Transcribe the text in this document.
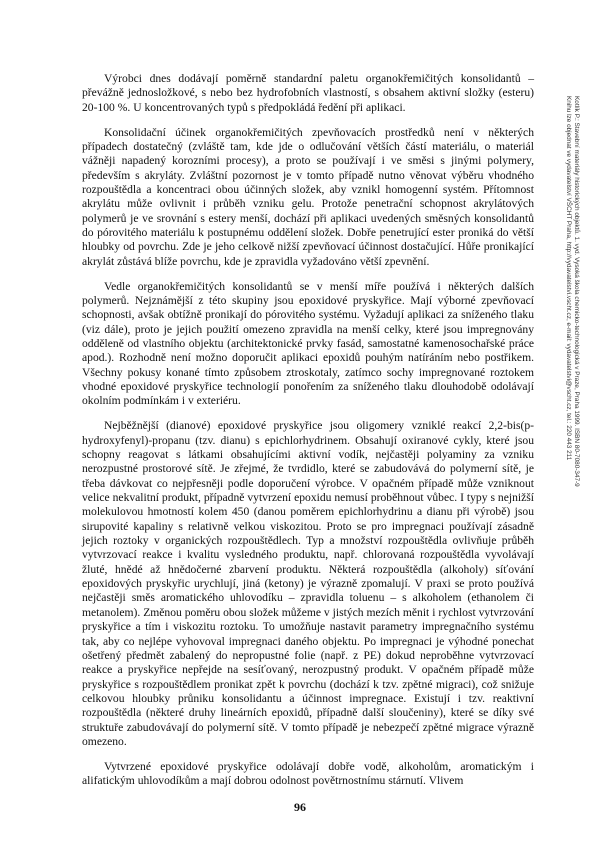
Výrobci dnes dodávají poměrně standardní paletu organokřemičitých konsolidantů – převážně jednosložkové, s nebo bez hydrofobních vlastností, s obsahem aktivní složky (esteru) 20-100 %. U koncentrovaných typů s předpokládá ředění při aplikaci.

Konsolidační účinek organokřemičitých zpevňovacích prostředků není v některých případech dostatečný (zvláště tam, kde jde o odlučování větších částí materiálu, o materiál vážněji napadený korozními procesy), a proto se používají i ve směsi s jinými polymery, především s akryláty. Zvláštní pozornost je v tomto případě nutno věnovat výběru vhodného rozpouštědla a koncentraci obou účinných složek, aby vznikl homogenní systém. Přítomnost akrylátu může ovlivnit i průběh vzniku gelu. Protože penetrační schopnost akrylátových polymerů je ve srovnání s estery menší, dochází při aplikaci uvedených směsných konsolidantů do pórovitého materiálu k postupnému oddělení složek. Dobře penetrující ester proniká do větší hloubky od povrchu. Zde je jeho celkově nižší zpevňovací účinnost dostačující. Hůře pronikající akrylát zůstává blíže povrchu, kde je zpravidla vyžadováno větší zpevnění.

Vedle organokřemičitých konsolidantů se v menší míře používá i některých dalších polymerů. Nejznámější z této skupiny jsou epoxidové pryskyřice. Mají výborné zpevňovací schopnosti, avšak obtížně pronikají do pórovitého systému. Vyžadují aplikaci za sníženého tlaku (viz dále), proto je jejich použití omezeno zpravidla na menší celky, které jsou impregnovány odděleně od vlastního objektu (architektonické prvky fasád, samostatné kamenosochařské práce apod.). Rozhodně není možno doporučit aplikaci epoxidů pouhým natíráním nebo postřikem. Všechny pokusy konané tímto způsobem ztroskotaly, zatímco sochy impregnované roztokem vhodné epoxidové pryskyřice technologií ponořením za sníženého tlaku dlouhodobě odolávají okolním podmínkám i v exteriéru.

Nejběžnější (dianové) epoxidové pryskyřice jsou oligomery vzniklé reakcí 2,2-bis(p-hydroxyfenyl)-propanu (tzv. dianu) s epichlorhydrinem. Obsahují oxiranové cykly, které jsou schopny reagovat s látkami obsahujícími aktivní vodík, nejčastěji polyaminy za vzniku nerozpustné prostorové sítě. Je zřejmé, že tvrdidlo, které se zabudovává do polymerní sítě, je třeba dávkovat co nejpřesněji podle doporučení výrobce. V opačném případě může vzniknout velice nekvalitní produkt, případně vytvrzení epoxidu nemusí proběhnout vůbec. I typy s nejnižší molekulovou hmotností kolem 450 (danou poměrem epichlorhydrinu a dianu při výrobě) jsou sirupovité kapaliny s relativně velkou viskozitou. Proto se pro impregnaci používají zásadně jejich roztoky v organických rozpouštědlech. Typ a množství rozpouštědla ovlivňuje průběh vytvrzovací reakce i kvalitu vysledného produktu, např. chlorovaná rozpouštědla vyvolávají žluté, hnědé až hnědočerné zbarvení produktu. Některá rozpouštědla (alkoholy) síťování epoxidových pryskyřic urychlují, jiná (ketony) je výrazně zpomalují. V praxi se proto používá nejčastěji směs aromatického uhlovodíku – zpravidla toluenu – s alkoholem (ethanolem či metanolem). Změnou poměru obou složek můžeme v jistých mezích měnit i rychlost vytvrzování pryskyřice a tím i viskozitu roztoku. To umožňuje nastavit parametry impregnačního systému tak, aby co nejlépe vyhovoval impregnaci daného objektu. Po impregnaci je výhodné ponechat ošetřený předmět zabalený do nepropustné folie (např. z PE) dokud neproběhne vytvrzovací reakce a pryskyřice nepřejde na sesíťovaný, nerozpustný produkt. V opačném případě může pryskyřice s rozpouštědlem pronikat zpět k povrchu (dochází k tzv. zpětné migraci), což snižuje celkovou hloubky průniku konsolidantu a účinnost impregnace. Existují i tzv. reaktivní rozpouštědla (některé druhy lineárních epoxidů, případně další sloučeniny), které se díky své struktuře zabudovávají do polymerní sítě. V tomto případě je nebezpečí zpětné migrace výrazně omezeno.

Vytvrzené epoxidové pryskyřice odolávají dobře vodě, alkoholům, aromatickým i alifatickým uhlovodíkům a mají dobrou odolnost povětrnostnímu stárnutí. Vlivem

Kotlík P.: Stavební materiály historických objektů. 1. vyd. Vysoká škola chemicko-technologická v Praze, Praha 1999. ISBN 80-7080-347-9
Knihu lze objednat ve vydavatelství VŠCHT Praha, http://vydavatelstvi.vscht.cz, e-mail: vydavatelstvi@vscht.cz, tel.: 220 443 211
96
